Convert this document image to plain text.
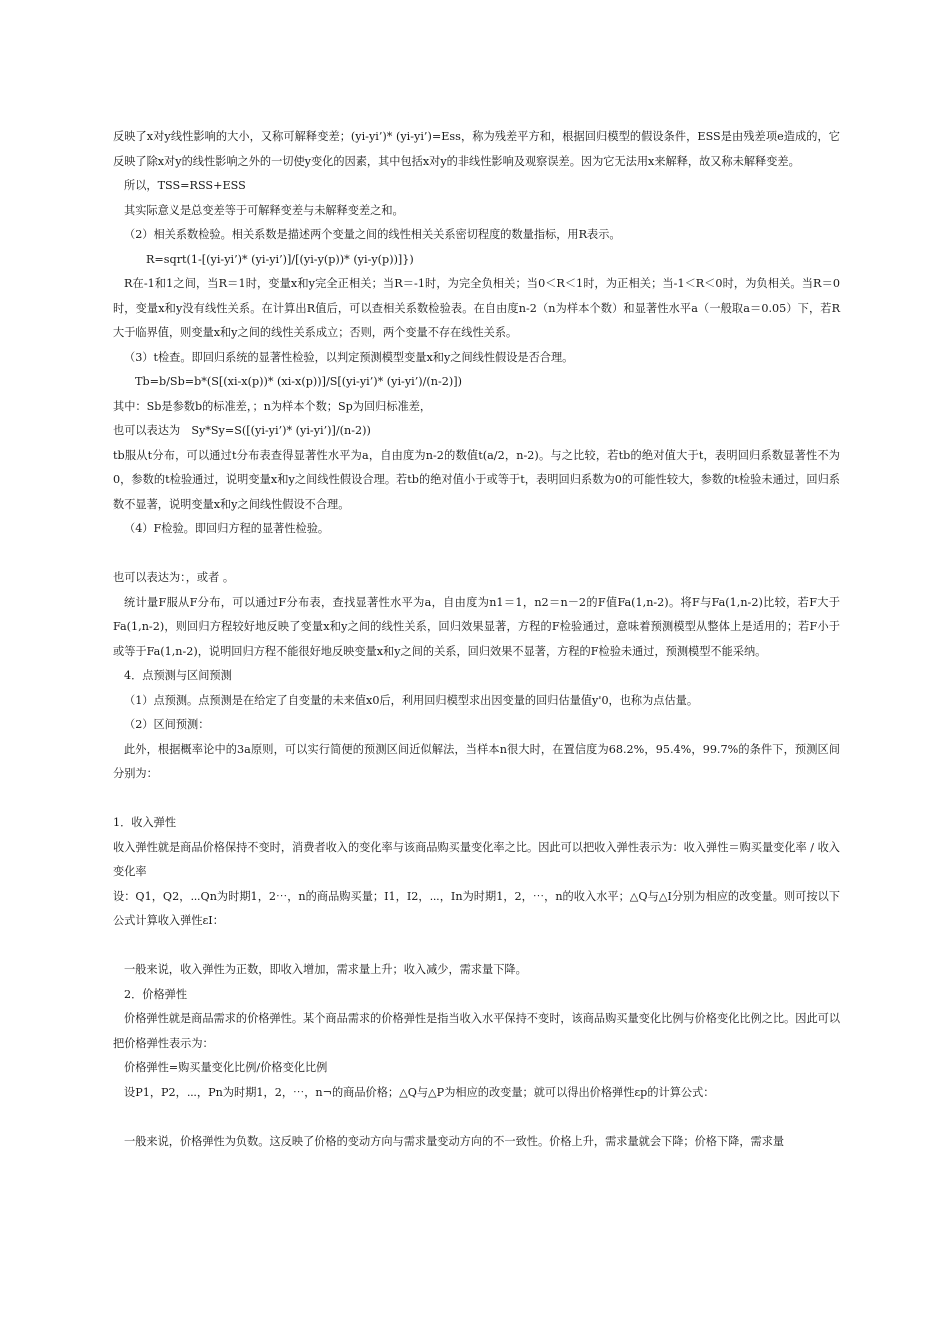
反映了x对y线性影响的大小，又称可解释变差；(yi-yi’)* (yi-yi’)=Ess，称为残差平方和，根据回归模型的假设条件，ESS是由残差项e造成的，它反映了除x对y的线性影响之外的一切使y变化的因素，其中包括x对y的非线性影响及观察误差。因为它无法用x来解释，故又称未解释变差。

所以，TSS=RSS+ESS

其实际意义是总变差等于可解释变差与未解释变差之和。

（2）相关系数检验。相关系数是描述两个变量之间的线性相关关系密切程度的数量指标，用R表示。

R=sqrt(1-[(yi-yi’)* (yi-yi’)]/[(yi-y(p))* (yi-y(p))]})

R在-1和1之间，当R＝1时，变量x和y完全正相关；当R＝-1时，为完全负相关；当0＜R＜1时，为正相关；当-1＜R＜0时，为负相关。当R＝0时，变量x和y没有线性关系。在计算出R值后，可以查相关系数检验表。在自由度n-2（n为样本个数）和显著性水平a（一般取a＝0.05）下，若R大于临界值，则变量x和y之间的线性关系成立；否则，两个变量不存在线性关系。

（3）t检查。即回归系统的显著性检验，以判定预测模型变量x和y之间线性假设是否合理。

Tb=b/Sb=b*(S[(xi-x(p))* (xi-x(p))]/S[(yi-yi’)* (yi-yi’)/(n-2)])

其中：Sb是参数b的标准差，；n为样本个数；Sp为回归标准差，

也可以表达为　Sy*Sy=S([(yi-yi’)* (yi-yi’)]/(n-2))

tb服从t分布，可以通过t分布表查得显著性水平为a，自由度为n-2的数值t(a/2，n-2)。与之比较，若tb的绝对值大于t，表明回归系数显著性不为0，参数的t检验通过，说明变量x和y之间线性假设合理。若tb的绝对值小于或等于t，表明回归系数为0的可能性较大，参数的t检验未通过，回归系数不显著，说明变量x和y之间线性假设不合理。

（4）F检验。即回归方程的显著性检验。

也可以表达为：，或者 。

统计量F服从F分布，可以通过F分布表，查找显著性水平为a，自由度为n1＝1，n2＝n－2的F值Fa(1,n-2)。将F与Fa(1,n-2)比较，若F大于Fa(1,n-2)，则回归方程较好地反映了变量x和y之间的线性关系，回归效果显著，方程的F检验通过，意味着预测模型从整体上是适用的；若F小于或等于Fa(1,n-2)，说明回归方程不能很好地反映变量x和y之间的关系，回归效果不显著，方程的F检验未通过，预测模型不能采纳。

4．点预测与区间预测

（1）点预测。点预测是在给定了自变量的未来值x0后，利用回归模型求出因变量的回归估量值y'0，也称为点估量。

（2）区间预测：

此外，根据概率论中的3a原则，可以实行简便的预测区间近似解法，当样本n很大时，在置信度为68.2%，95.4%，99.7%的条件下，预测区间分别为：

1．收入弹性

收入弹性就是商品价格保持不变时，消费者收入的变化率与该商品购买量变化率之比。因此可以把收入弹性表示为：收入弹性＝购买量变化率 / 收入变化率

设：Q1，Q2，⋯Qn为时期1，2⋯，n的商品购买量；I1，I2，⋯，In为时期1，2，⋯，n的收入水平；△Q与△I分别为相应的改变量。则可按以下公式计算收入弹性εI：

一般来说，收入弹性为正数，即收入增加，需求量上升；收入减少，需求量下降。

2．价格弹性

价格弹性就是商品需求的价格弹性。某个商品需求的价格弹性是指当收入水平保持不变时，该商品购买量变化比例与价格变化比例之比。因此可以把价格弹性表示为：

价格弹性=购买量变化比例/价格变化比例

设P1，P2，⋯，Pn为时期1，2，⋯，n¬的商品价格；△Q与△P为相应的改变量；就可以得出价格弹性εp的计算公式：

一般来说，价格弹性为负数。这反映了价格的变动方向与需求量变动方向的不一致性。价格上升，需求量就会下降；价格下降，需求量
